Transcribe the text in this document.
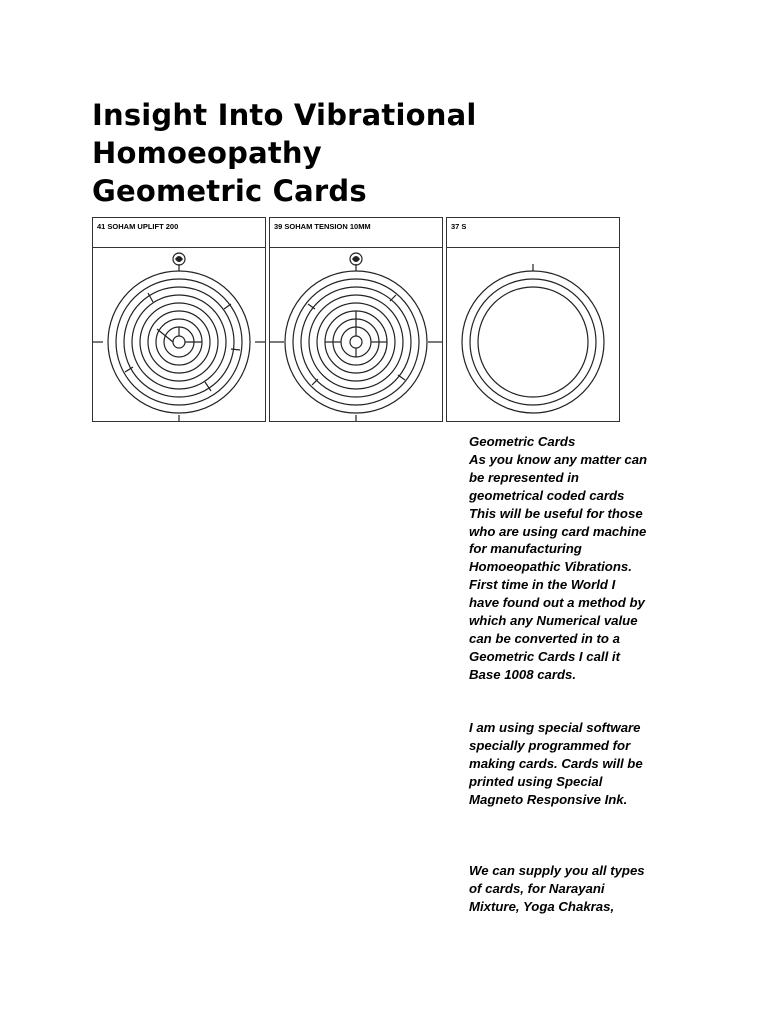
Insight Into Vibrational
Homoeopathy
Geometric Cards
41 SOHAM UPLIFT 200	39 SOHAM TENSION 10MM	37 S

Geometric Cards
As you know any matter can
be represented in
geometrical coded cards
This will be useful for those
who are using card machine
for manufacturing
Homoeopathic Vibrations.
First time in the World I
have found out a method by
which any Numerical value
can be converted in to a
Geometric Cards I call it
Base 1008 cards.

I am using special software
specially programmed for
making cards. Cards will be
printed using Special
Magneto Responsive Ink.

We can supply you all types
of cards, for Narayani
Mixture, Yoga Chakras,
